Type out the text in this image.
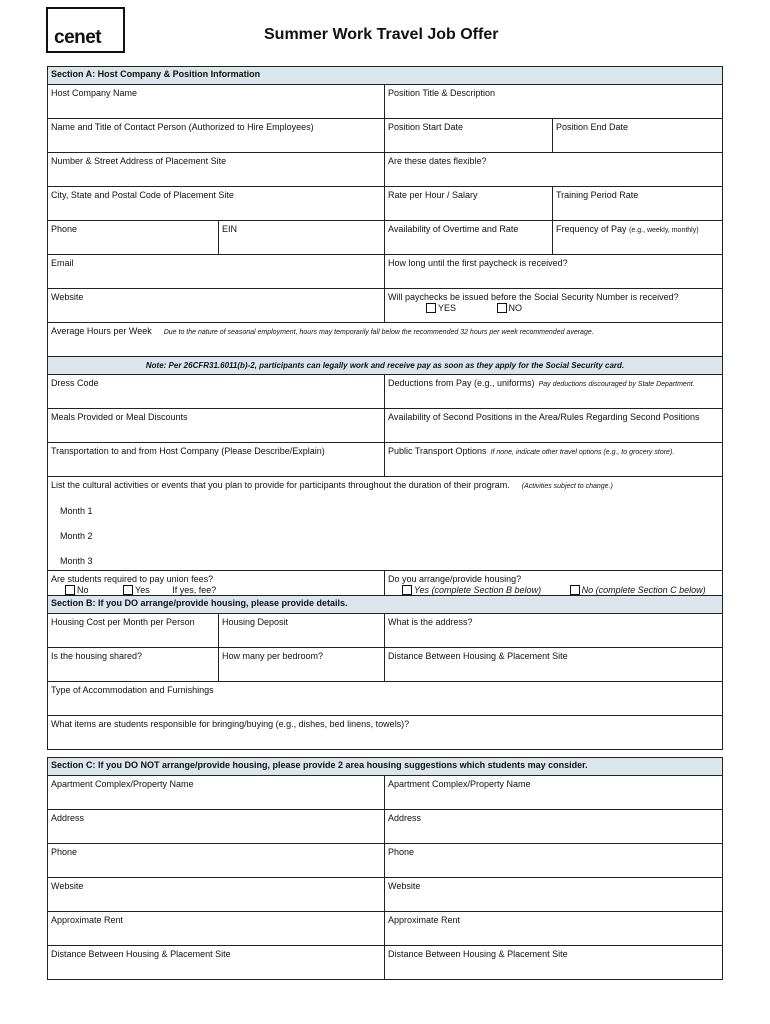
cenet	Summer Work Travel Job Offer
Section A: Host Company & Position Information			
Host Company Name		Position Title & Description	
Name and Title of Contact Person (Authorized to Hire Employees)		Position Start Date	Position End Date
Number & Street Address of Placement Site		Are these dates flexible?	
City, State and Postal Code of Placement Site		Rate per Hour / Salary	Training Period Rate
Phone	EIN	Availability of Overtime and Rate	Frequency of Pay (e.g., weekly, monthly)
Email		How long until the first paycheck is received?	
Website		Will paychecks be issued before the Social Security Number is received?
YES NO	
Average Hours per Week Due to the nature of seasonal employment, hours may temporarily fall below the recommended 32 hours per week recommended average.			
Note: Per 26CFR31.6011(b)-2, participants can legally work and receive pay as soon as they apply for the Social Security card.			
Dress Code		Deductions from Pay (e.g., uniforms) Pay deductions discouraged by State Department.	
Meals Provided or Meal Discounts		Availability of Second Positions in the Area/Rules Regarding Second Positions	
Transportation to and from Host Company (Please Describe/Explain)		Public Transport Options If none, indicate other travel options (e.g., to grocery store).	
List the cultural activities or events that you plan to provide for participants throughout the duration of their program. (Activities subject to change.)
Month 1
Month 2
Month 3			

Are students required to pay union fees?
No Yes If yes, fee?		Do you arrange/provide housing?
Yes (complete Section B below) No (complete Section C below)	
Section B: If you DO arrange/provide housing, please provide details.		
Housing Cost per Month per Person	Housing Deposit	What is the address?
Is the housing shared?	How many per bedroom?	Distance Between Housing & Placement Site
Type of Accommodation and Furnishings		
What items are students responsible for bringing/buying (e.g., dishes, bed linens, towels)?		
Section C: If you DO NOT arrange/provide housing, please provide 2 area housing suggestions which students may consider.	
Apartment Complex/Property Name	Apartment Complex/Property Name
Address	Address
Phone	Phone
Website	Website
Approximate Rent	Approximate Rent
Distance Between Housing & Placement Site	Distance Between Housing & Placement Site
